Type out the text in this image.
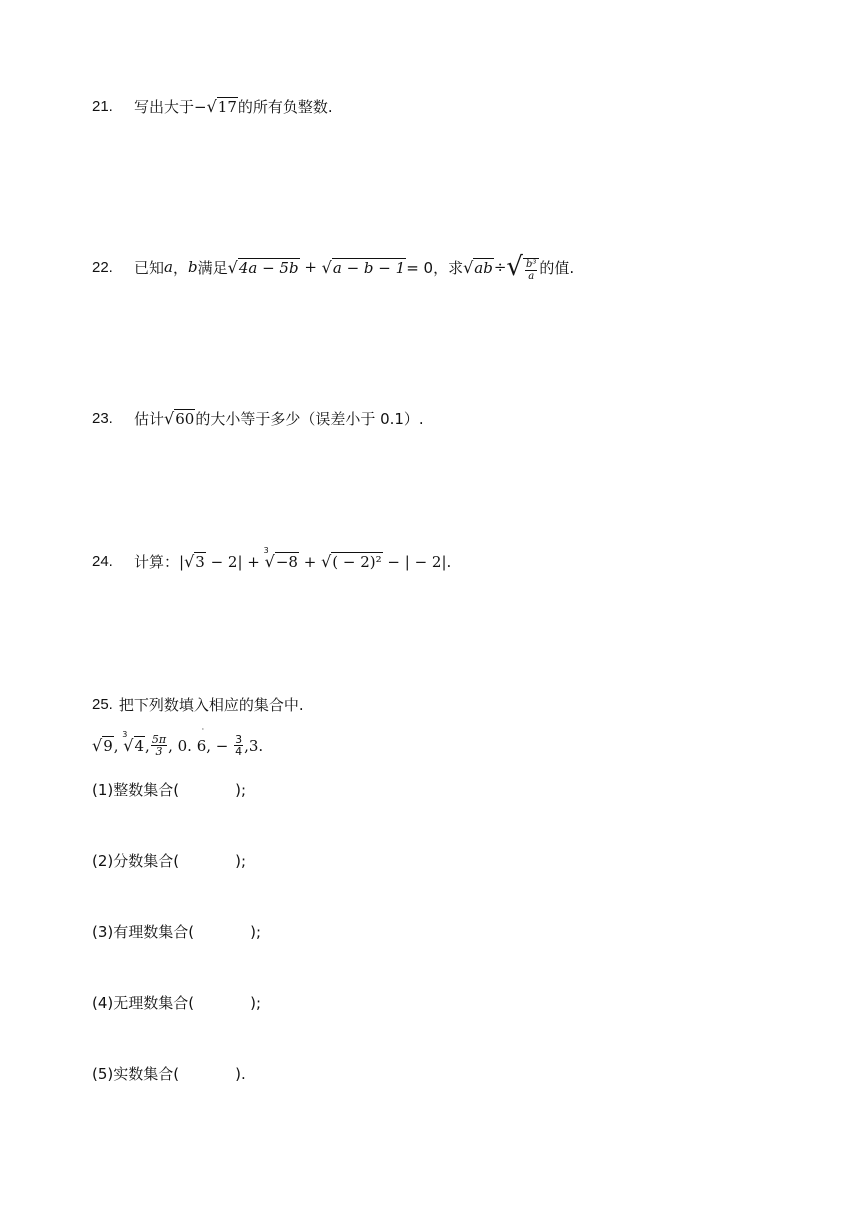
21.	写出大于 − √ 17 的所有负整数.
22.	已知 a ， b 满足 √ 4a − 5b + √ a − b − 1 = 0，求 √ ab ÷ √ $\frac{\text{b³}}{a}$ 的值.
23.	估计 √ 60 的大小等于多少（误差小于 0.1）.
24.	计算： | √ 3 − 2| +
3
√ −8 + √ ( − 2)² − | − 2|.
25. 把下列数填入相应的集合中.
√ 9 ,
3
√ 4 , $\frac{5\pi}{3}$ ,
·
0. 6 , − $\frac{3}{4}$ , 3.
(1)整数集合(	);
(2)分数集合(	);
(3)有理数集合(	);
(4)无理数集合(	);
(5)实数集合(	).
